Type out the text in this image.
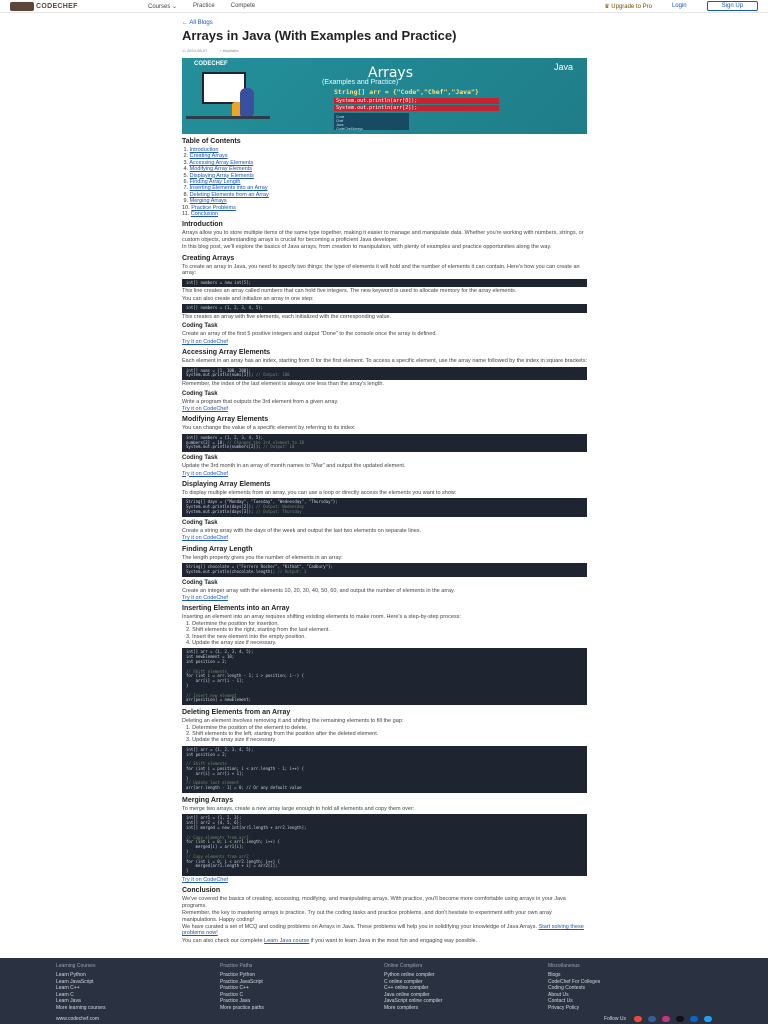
CODECHEF	Courses ⌄	Practice	Compete	♛ Upgrade to Pro	Login	Sign Up
← All Blogs
Arrays in Java (With Examples and Practice)
▭ 2024-08-07	◔ tinyklabs
CODECHEF
Arrays	Java
(Examples and Practice)
String[] arr = {"Code","Chef","Java"}
System.out.println(arr[0]);
System.out.println(arr[2]);
Code
Chef
Java
CodeChef/Arrays
Table of Contents
1. Introduction
2. Creating Arrays
3. Accessing Array Elements
4. Modifying Array Elements
5. Displaying Array Elements
6. Finding Array Length
7. Inserting Elements into an Array
8. Deleting Elements from an Array
9. Merging Arrays
10. Practice Problems
11. Conclusion
Introduction

Arrays allow you to store multiple items of the same type together, making it easier to manage and manipulate data. Whether you're working with numbers, strings, or custom objects, understanding arrays is crucial for becoming a proficient Java developer.

In this blog post, we'll explore the basics of Java arrays, from creation to manipulation, with plenty of examples and practice opportunities along the way.

Creating Arrays

To create an array in Java, you need to specify two things: the type of elements it will hold and the number of elements it can contain. Here's how you can create an array:

int[] numbers = new int[5];

This line creates an array called numbers that can hold five integers. The new keyword is used to allocate memory for the array elements.

You can also create and initialize an array in one step:

int[] numbers = {1, 2, 3, 4, 5};

This creates an array with five elements, each initialized with the corresponding value.

Coding Task

Create an array of the first 5 positive integers and output "Done" to the console once the array is defined.

Try it on CodeChef
Accessing Array Elements

Each element in an array has an index, starting from 0 for the first element. To access a specific element, use the array name followed by the index in square brackets:

int[] nums = {1, 100, 200};
System.out.println(nums[1]); // Output: 100

Remember, the index of the last element is always one less than the array's length.

Coding Task

Write a program that outputs the 3rd element from a given array.

Try it on CodeChef
Modifying Array Elements

You can change the value of a specific element by referring to its index:

int[] numbers = {1, 2, 3, 4, 5};
numbers[2] = 10; // Changes the 3rd element to 10
System.out.println(numbers[2]); // Output: 10
Coding Task

Update the 3rd month in an array of month names to "Mar" and output the updated element.

Try it on CodeChef
Displaying Array Elements

To display multiple elements from an array, you can use a loop or directly access the elements you want to show:

String[] days = {"Monday", "Tuesday", "Wednesday", "Thursday"};
System.out.println(days[2]); // Output: Wednesday
System.out.println(days[3]); // Output: Thursday
Coding Task

Create a string array with the days of the week and output the last two elements on separate lines.

Try it on CodeChef
Finding Array Length

The length property gives you the number of elements in an array:

String[] chocolate = {"Ferrero Rocher", "Kitkat", "Cadbury"};
System.out.println(chocolate.length); // Output: 3
Coding Task

Create an integer array with the elements 10, 20, 30, 40, 50, 60, and output the number of elements in the array.

Try it on CodeChef
Inserting Elements into an Array

Inserting an element into an array requires shifting existing elements to make room. Here's a step-by-step process:

1. Determine the position for insertion.
2. Shift elements to the right, starting from the last element.
3. Insert the new element into the empty position.
4. Update the array size if necessary.
int[] arr = {1, 2, 3, 4, 5};
int newElement = 10;
int position = 2;

// Shift elements
for (int i = arr.length - 1; i > position; i--) {
arr[i] = arr[i - 1];
}

// Insert new element
arr[position] = newElement;
Deleting Elements from an Array

Deleting an element involves removing it and shifting the remaining elements to fill the gap:

1. Determine the position of the element to delete.
2. Shift elements to the left, starting from the position after the deleted element.
3. Update the array size if necessary.
int[] arr = {1, 2, 3, 4, 5};
int position = 2;

// Shift elements
for (int i = position; i < arr.length - 1; i++) {
arr[i] = arr[i + 1];
}
// Update last element
arr[arr.length - 1] = 0; // Or any default value
Merging Arrays

To merge two arrays, create a new array large enough to hold all elements and copy them over:

int[] arr1 = {1, 2, 3};
int[] arr2 = {4, 5, 6};
int[] merged = new int[arr1.length + arr2.length];

// Copy elements from arr1
for (int i = 0; i < arr1.length; i++) {
merged[i] = arr1[i];
}
// Copy elements from arr2
for (int i = 0; i < arr2.length; i++) {
merged[arr1.length + i] = arr2[i];
}
Try it on CodeChef
Conclusion

We've covered the basics of creating, accessing, modifying, and manipulating arrays. With practice, you'll become more comfortable using arrays in your Java programs.

Remember, the key to mastering arrays is practice. Try out the coding tasks and practice problems, and don't hesitate to experiment with your own array manipulations. Happy coding!

We have curated a set of MCQ and coding problems on Arrays in Java. These problems will help you in solidifying your knowledge of Java Arrays. Start solving these problems now!

You can also check our complete Learn Java course if you want to learn Java in the most fun and engaging way possible.

Learning Courses
Learn Python
Learn JavaScript
Learn C++
Learn C
Learn Java
More learning courses
Practice Paths
Practice Python
Practice JavaScript
Practice C++
Practice C
Practice Java
More practice paths
Online Compilers
Python online compiler
C online compiler
C++ online compiler
Java online compiler
JavaScript online compiler
More compilers
Miscellaneous
Blogs
CodeChef For Colleges
Coding Contests
About Us
Contact Us
Privacy Policy
www.codechef.com	Follow Us
